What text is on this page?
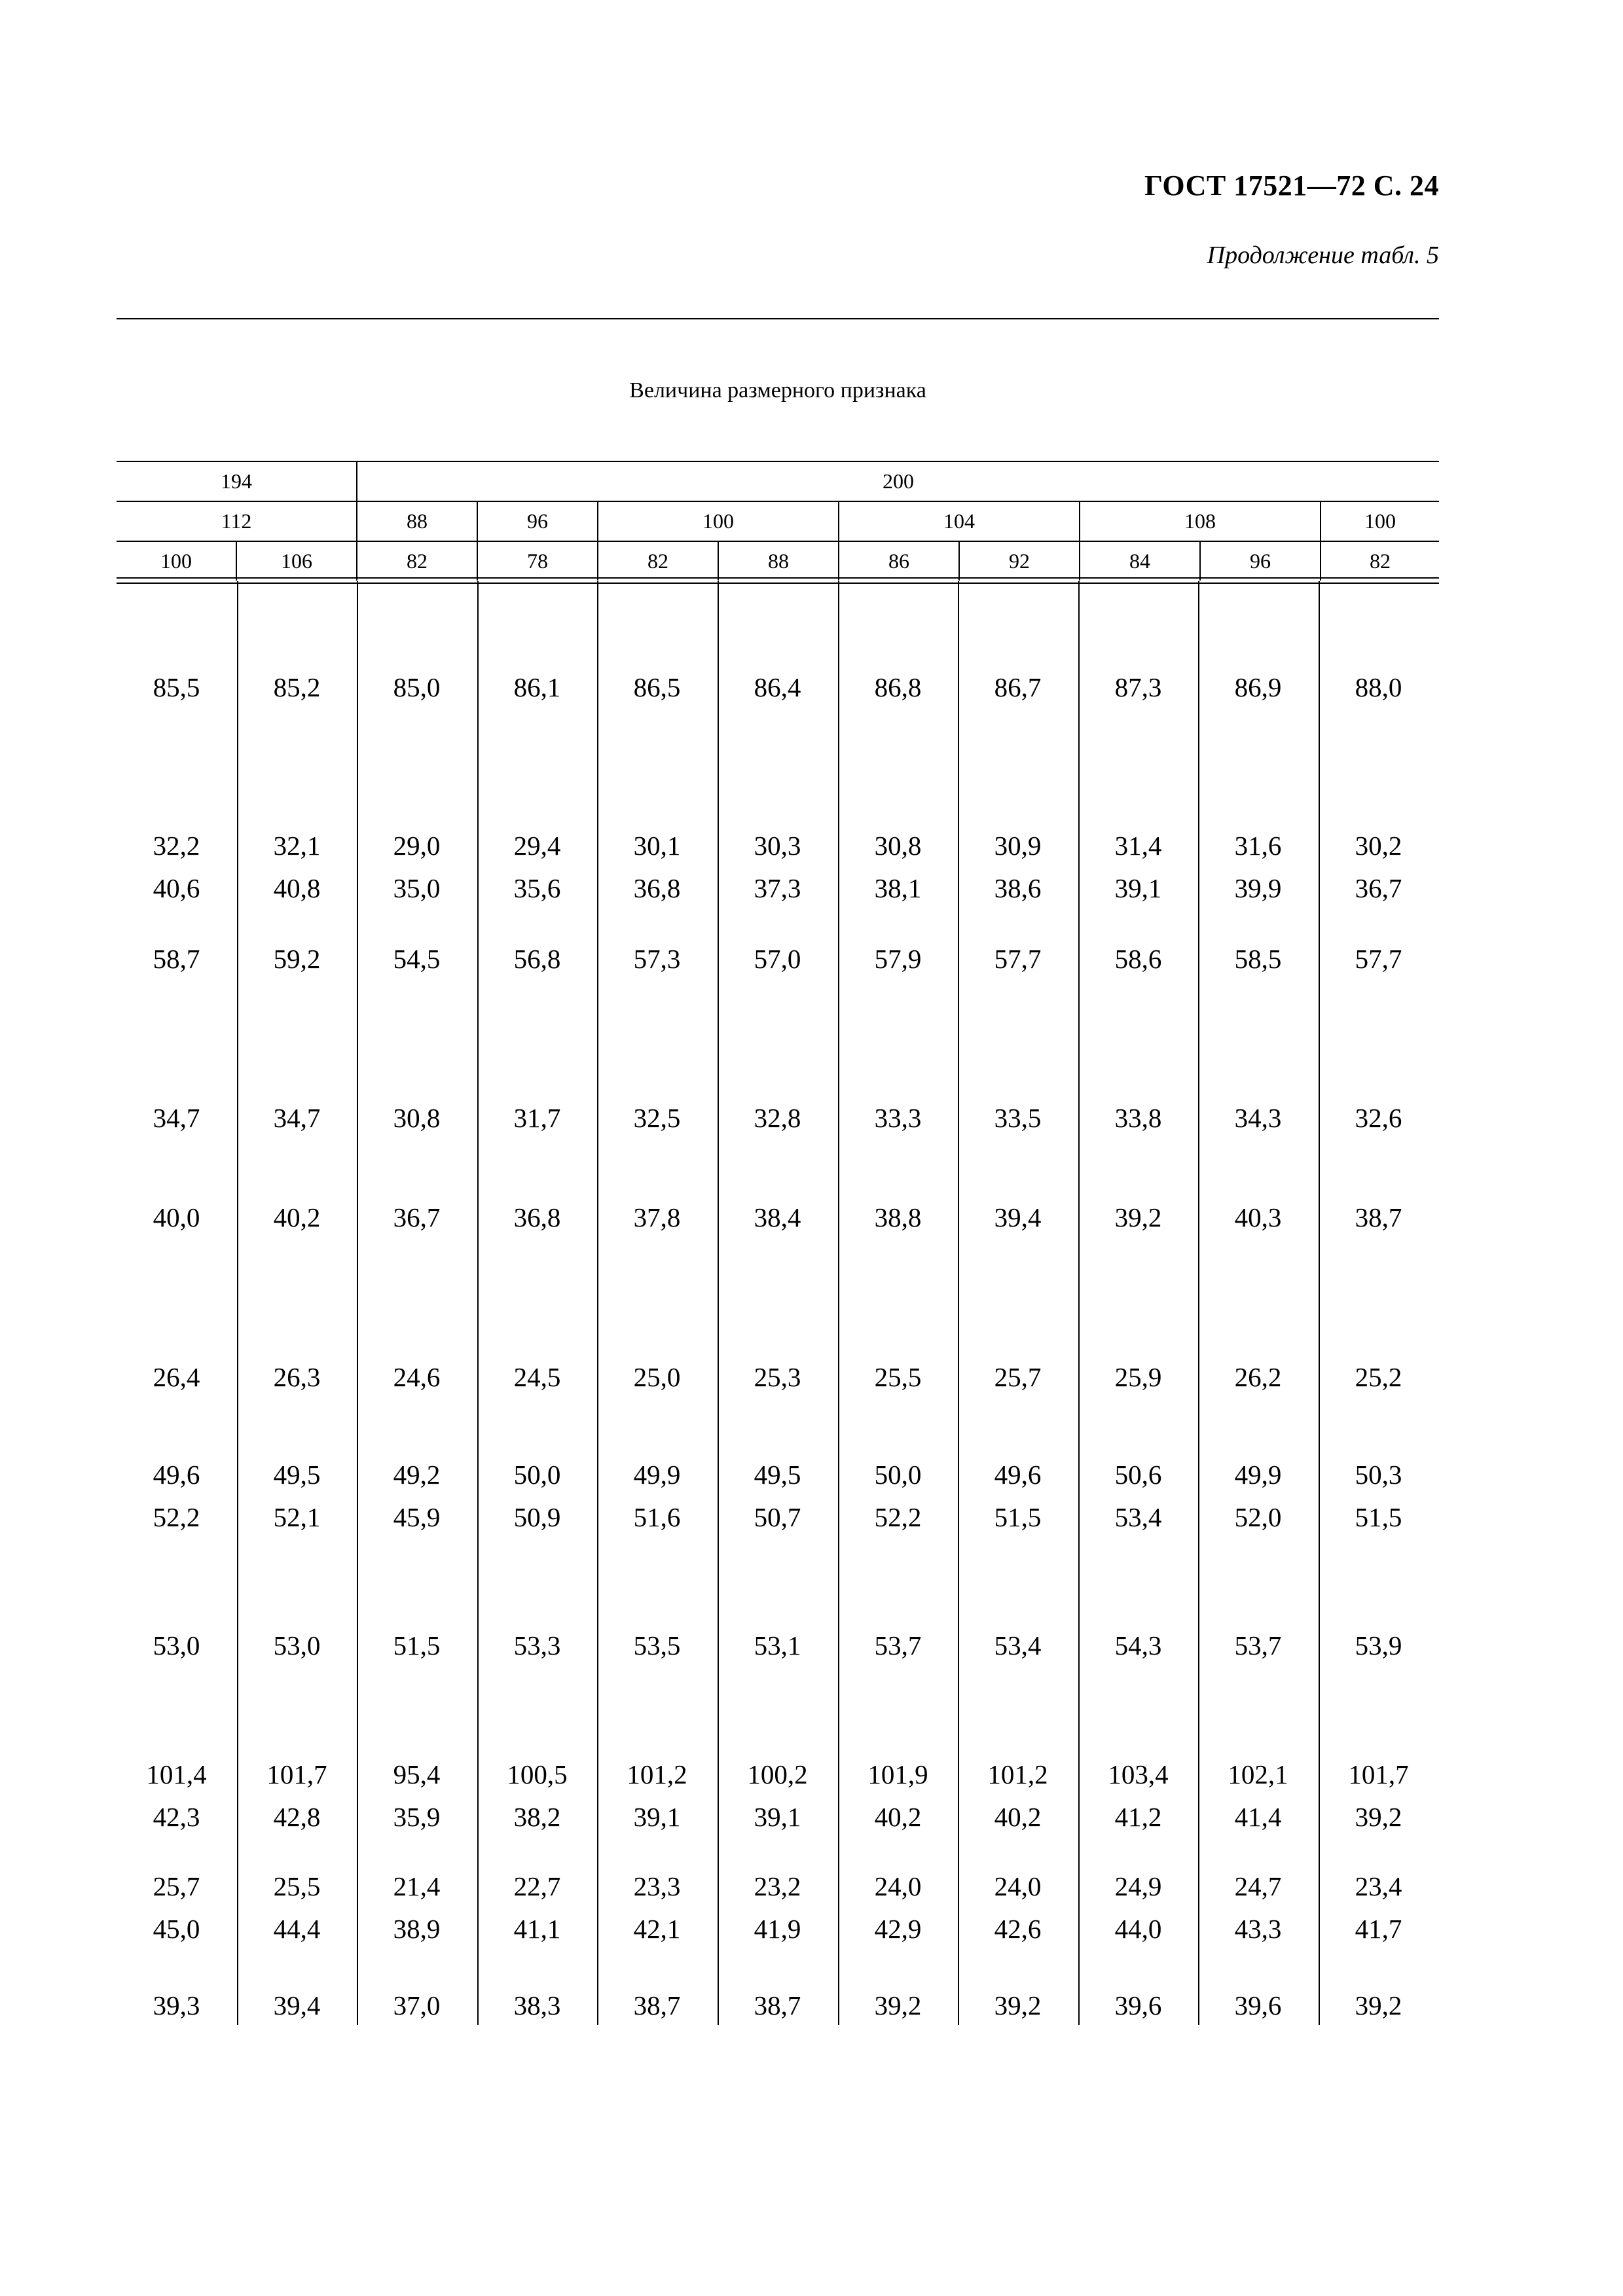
ГОСТ 17521—72 С. 24
Продолжение табл. 5
Величина размерного признака
194		200								
112		88	96	100		104		108		100
100	106	82	78	82	88	86	92	84	96	82
85,5	85,2	85,0	86,1	86,5	86,4	86,8	86,7	87,3	86,9	88,0
32,2	32,1	29,0	29,4	30,1	30,3	30,8	30,9	31,4	31,6	30,2
40,6	40,8	35,0	35,6	36,8	37,3	38,1	38,6	39,1	39,9	36,7
58,7	59,2	54,5	56,8	57,3	57,0	57,9	57,7	58,6	58,5	57,7
34,7	34,7	30,8	31,7	32,5	32,8	33,3	33,5	33,8	34,3	32,6
40,0	40,2	36,7	36,8	37,8	38,4	38,8	39,4	39,2	40,3	38,7
26,4	26,3	24,6	24,5	25,0	25,3	25,5	25,7	25,9	26,2	25,2
49,6	49,5	49,2	50,0	49,9	49,5	50,0	49,6	50,6	49,9	50,3
52,2	52,1	45,9	50,9	51,6	50,7	52,2	51,5	53,4	52,0	51,5
53,0	53,0	51,5	53,3	53,5	53,1	53,7	53,4	54,3	53,7	53,9
101,4	101,7	95,4	100,5	101,2	100,2	101,9	101,2	103,4	102,1	101,7
42,3	42,8	35,9	38,2	39,1	39,1	40,2	40,2	41,2	41,4	39,2
25,7	25,5	21,4	22,7	23,3	23,2	24,0	24,0	24,9	24,7	23,4
45,0	44,4	38,9	41,1	42,1	41,9	42,9	42,6	44,0	43,3	41,7
39,3	39,4	37,0	38,3	38,7	38,7	39,2	39,2	39,6	39,6	39,2
